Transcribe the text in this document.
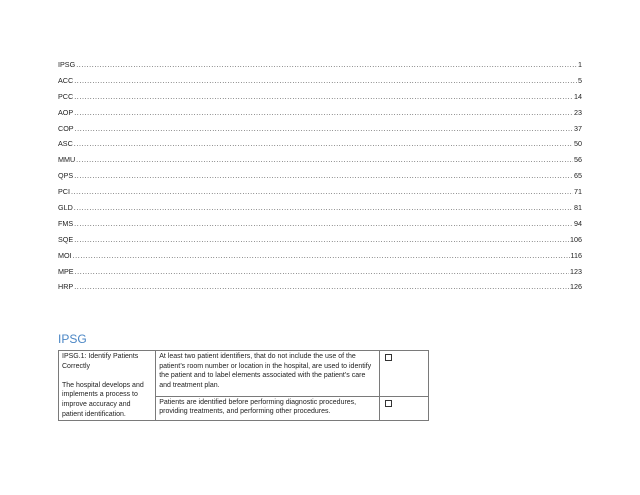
IPSG .....	1
ACC .....	5
PCC .....	14
AOP .....	23
COP .....	37
ASC .....	50
MMU .....	56
QPS .....	65
PCI .....	71
GLD .....	81
FMS .....	94
SQE .....	106
MOI .....	116
MPE .....	123
HRP .....	126
IPSG
IPSG.1: Identify Patients Correctly
The hospital develops and implements a process to improve accuracy and patient identification.	At least two patient identifiers, that do not include the use of the patient’s room number or location in the hospital, are used to identify the patient and to label elements associated with the patient’s care and treatment plan.	

	Patients are identified before performing diagnostic procedures, providing treatments, and performing other procedures.	
